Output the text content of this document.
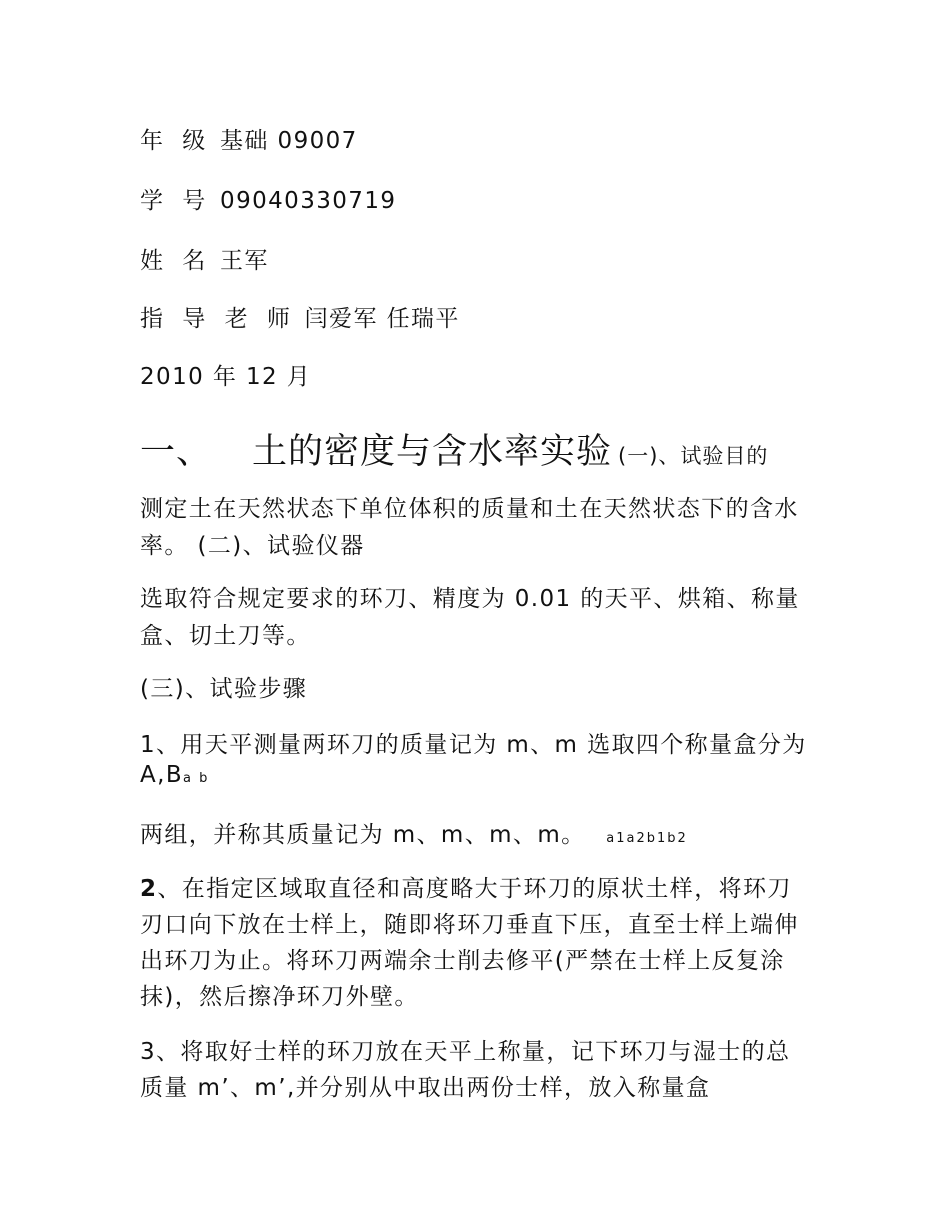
年 级 基础 09007

学 号 09040330719

姓 名 王军

指 导 老 师 闫爱军 任瑞平

2010 年 12 月

一、 土的密度与含水率实验 (一)、试验目的

测定土在天然状态下单位体积的质量和土在天然状态下的含水

率。 (二)、试验仪器

选取符合规定要求的环刀、精度为 0.01 的天平、烘箱、称量

盒、切土刀等。

(三)、试验步骤

1、用天平测量两环刀的质量记为 m、m 选取四个称量盒分为

A,Ba b

两组，并称其质量记为 m、m、m、m。 a1a2b1b2

2、在指定区域取直径和高度略大于环刀的原状土样，将环刀

刃口向下放在士样上，随即将环刀垂直下压，直至士样上端伸

出环刀为止。将环刀两端余士削去修平(严禁在士样上反复涂

抹)，然后擦净环刀外壁。

3、将取好士样的环刀放在天平上称量，记下环刀与湿士的总

质量 m’、m’,并分别从中取出两份士样，放入称量盒
